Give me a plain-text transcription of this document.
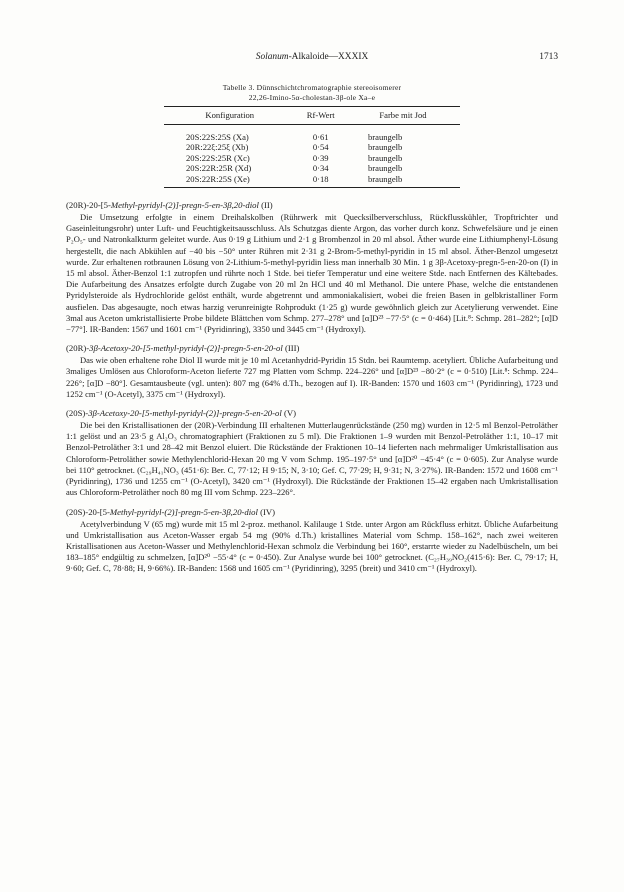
Solanum-Alkaloide—XXXIX	1713
Tabelle 3. Dünnschichtchromatographie stereoisomerer
22,26-Imino-5α-cholestan-3β-ole Xa–e
Konfiguration	Rf-Wert	Farbe mit Jod
20S:22S:25S (Xa)	0·61	braungelb
20R:22ξ:25ξ (Xb)	0·54	braungelb
20S:22S:25R (Xc)	0·39	braungelb
20S:22R:25R (Xd)	0·34	braungelb
20S:22R:25S (Xe)	0·18	braungelb
(20R)-20-[5-Methyl-pyridyl-(2)]-pregn-5-en-3β,20-diol (II)

Die Umsetzung erfolgte in einem Dreihalskolben (Rührwerk mit Quecksilberverschluss, Rückflusskühler, Tropftrichter und Gaseinleitungsrohr) unter Luft- und Feuchtigkeitsausschluss. Als Schutzgas diente Argon, das vorher durch konz. Schwefelsäure und je einen P₂O₅- und Natronkalkturm geleitet wurde. Aus 0·19 g Lithium und 2·1 g Brombenzol in 20 ml absol. Äther wurde eine Lithiumphenyl-Lösung hergestellt, die nach Abkühlen auf −40 bis −50° unter Rühren mit 2·31 g 2-Brom-5-methyl-pyridin in 15 ml absol. Äther-Benzol umgesetzt wurde. Zur erhaltenen rotbraunen Lösung von 2-Lithium-5-methyl-pyridin liess man innerhalb 30 Min. 1 g 3β-Acetoxy-pregn-5-en-20-on (I) in 15 ml absol. Äther-Benzol 1:1 zutropfen und rührte noch 1 Stde. bei tiefer Temperatur und eine weitere Stde. nach Entfernen des Kältebades. Die Aufarbeitung des Ansatzes erfolgte durch Zugabe von 20 ml 2n HCl und 40 ml Methanol. Die untere Phase, welche die entstandenen Pyridylsteroide als Hydrochloride gelöst enthält, wurde abgetrennt und ammoniakalisiert, wobei die freien Basen in gelbkristalliner Form ausfielen. Das abgesaugte, noch etwas harzig verunreinigte Rohprodukt (1·25 g) wurde gewöhnlich gleich zur Acetylierung verwendet. Eine 3mal aus Aceton umkristallisierte Probe bildete Blättchen vom Schmp. 277–278° und [α]D²³ −77·5° (c = 0·464) [Lit.⁸: Schmp. 281–282°; [α]D −77°]. IR-Banden: 1567 und 1601 cm⁻¹ (Pyridinring), 3350 und 3445 cm⁻¹ (Hydroxyl).

(20R)-3β-Acetoxy-20-[5-methyl-pyridyl-(2)]-pregn-5-en-20-ol (III)

Das wie oben erhaltene rohe Diol II wurde mit je 10 ml Acetanhydrid-Pyridin 15 Stdn. bei Raumtemp. acetyliert. Übliche Aufarbeitung und 3maliges Umlösen aus Chloroform-Aceton lieferte 727 mg Platten vom Schmp. 224–226° und [α]D²³ −80·2° (c = 0·510) [Lit.⁸: Schmp. 224–226°; [α]D −80°]. Gesamtausbeute (vgl. unten): 807 mg (64% d.Th., bezogen auf I). IR-Banden: 1570 und 1603 cm⁻¹ (Pyridinring), 1723 und 1252 cm⁻¹ (O-Acetyl), 3375 cm⁻¹ (Hydroxyl).

(20S)-3β-Acetoxy-20-[5-methyl-pyridyl-(2)]-pregn-5-en-20-ol (V)

Die bei den Kristallisationen der (20R)-Verbindung III erhaltenen Mutterlaugenrückstände (250 mg) wurden in 12·5 ml Benzol-Petroläther 1:1 gelöst und an 23·5 g Al₂O₃ chromatographiert (Fraktionen zu 5 ml). Die Fraktionen 1–9 wurden mit Benzol-Petroläther 1:1, 10–17 mit Benzol-Petroläther 3:1 und 28–42 mit Benzol eluiert. Die Rückstände der Fraktionen 10–14 lieferten nach mehrmaliger Umkristallisation aus Chloroform-Petroläther sowie Methylenchlorid-Hexan 20 mg V vom Schmp. 195–197·5° und [α]D²⁰ −45·4° (c = 0·605). Zur Analyse wurde bei 110° getrocknet. (C₂₉H₄₁NO₃ (451·6): Ber. C, 77·12; H 9·15; N, 3·10; Gef. C, 77·29; H, 9·31; N, 3·27%). IR-Banden: 1572 und 1608 cm⁻¹ (Pyridinring), 1736 und 1255 cm⁻¹ (O-Acetyl), 3420 cm⁻¹ (Hydroxyl). Die Rückstände der Fraktionen 15–42 ergaben nach Umkristallisation aus Chloroform-Petroläther noch 80 mg III vom Schmp. 223–226°.

(20S)-20-[5-Methyl-pyridyl-(2)]-pregn-5-en-3β,20-diol (IV)

Acetylverbindung V (65 mg) wurde mit 15 ml 2-proz. methanol. Kalilauge 1 Stde. unter Argon am Rückfluss erhitzt. Übliche Aufarbeitung und Umkristallisation aus Aceton-Wasser ergab 54 mg (90% d.Th.) kristallines Material vom Schmp. 158–162°, nach zwei weiteren Kristallisationen aus Aceton-Wasser und Methylenchlorid-Hexan schmolz die Verbindung bei 160°, erstarrte wieder zu Nadelbüscheln, um bei 183–185° endgültig zu schmelzen, [α]D²⁰ −55·4° (c = 0·450). Zur Analyse wurde bei 100° getrocknet. (C₂₇H₃₉NO₂(415·6): Ber. C, 79·17; H, 9·60; Gef. C, 78·88; H, 9·66%). IR-Banden: 1568 und 1605 cm⁻¹ (Pyridinring), 3295 (breit) und 3410 cm⁻¹ (Hydroxyl).
